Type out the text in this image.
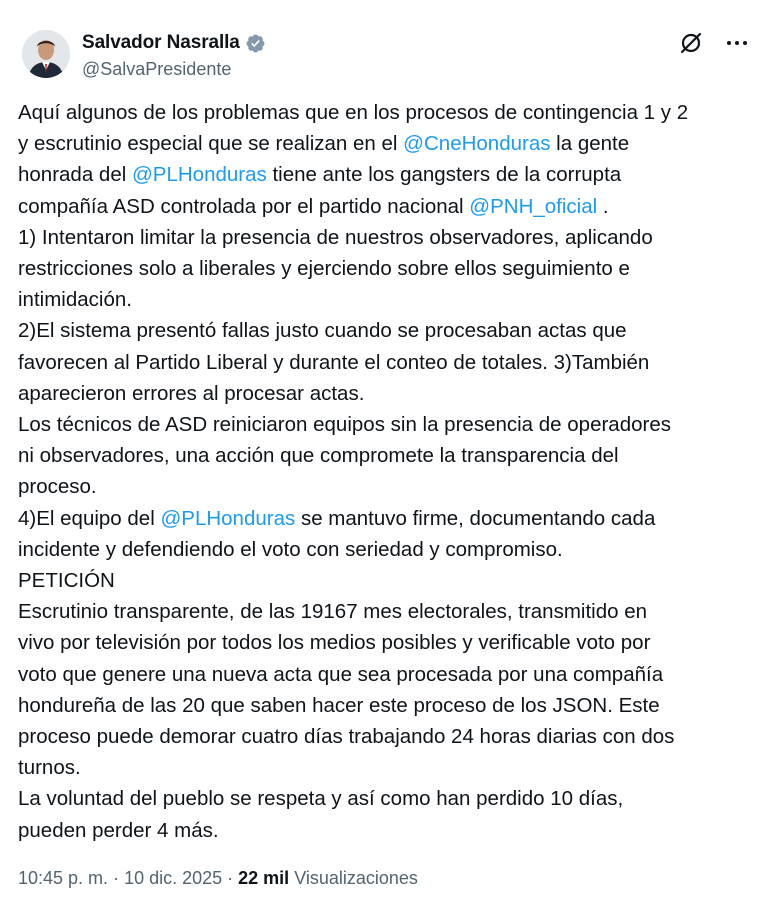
Salvador Nasralla
@SalvaPresidente
Aquí algunos de los problemas que en los procesos de contingencia 1 y 2
y escrutinio especial que se realizan en el @CneHonduras la gente
honrada del @PLHonduras tiene ante los gangsters de la corrupta
compañía ASD controlada por el partido nacional @PNH_oficial .
1) Intentaron limitar la presencia de nuestros observadores, aplicando
restricciones solo a liberales y ejerciendo sobre ellos seguimiento e
intimidación.
2)El sistema presentó fallas justo cuando se procesaban actas que
favorecen al Partido Liberal y durante el conteo de totales. 3)También
aparecieron errores al procesar actas.
Los técnicos de ASD reiniciaron equipos sin la presencia de operadores
ni observadores, una acción que compromete la transparencia del
proceso.
4)El equipo del @PLHonduras se mantuvo firme, documentando cada
incidente y defendiendo el voto con seriedad y compromiso.
PETICIÓN
Escrutinio transparente, de las 19167 mes electorales, transmitido en
vivo por televisión por todos los medios posibles y verificable voto por
voto que genere una nueva acta que sea procesada por una compañía
hondureña de las 20 que saben hacer este proceso de los JSON. Este
proceso puede demorar cuatro días trabajando 24 horas diarias con dos
turnos.
La voluntad del pueblo se respeta y así como han perdido 10 días,
pueden perder 4 más.
10:45 p. m. · 10 dic. 2025 · 22 mil Visualizaciones
